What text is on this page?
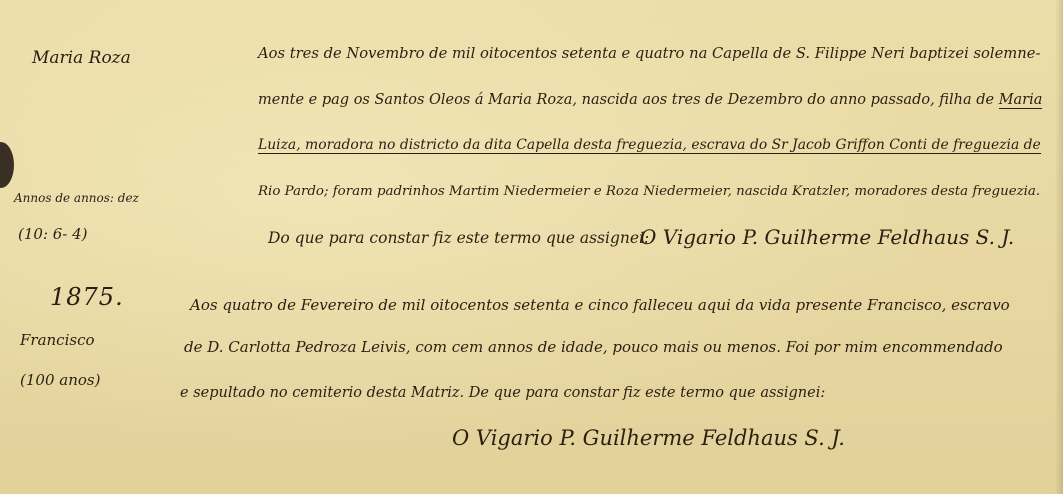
Maria Roza
Annos de annos: dez
(10: 6- 4)
1875.
Francisco
(100 anos)
Aos tres de Novembro de mil oitocentos setenta e quatro na Capella de S. Filippe Neri baptizei solemne-
mente e pag os Santos Oleos á Maria Roza, nascida aos tres de Dezembro do anno passado, filha de Maria
Luiza, moradora no districto da dita Capella desta freguezia, escrava do Sr Jacob Griffon Conti de freguezia de
Rio Pardo; foram padrinhos Martim Niedermeier e Roza Niedermeier, nascida Kratzler, moradores desta freguezia.
Do que para constar fiz este termo que assignei:
O Vigario P. Guilherme Feldhaus S. J.
Aos quatro de Fevereiro de mil oitocentos setenta e cinco falleceu aqui da vida presente Francisco, escravo
de D. Carlotta Pedroza Leivis, com cem annos de idade, pouco mais ou menos. Foi por mim encommendado
e sepultado no cemiterio desta Matriz. De que para constar fiz este termo que assignei:
O Vigario P. Guilherme Feldhaus S. J.
